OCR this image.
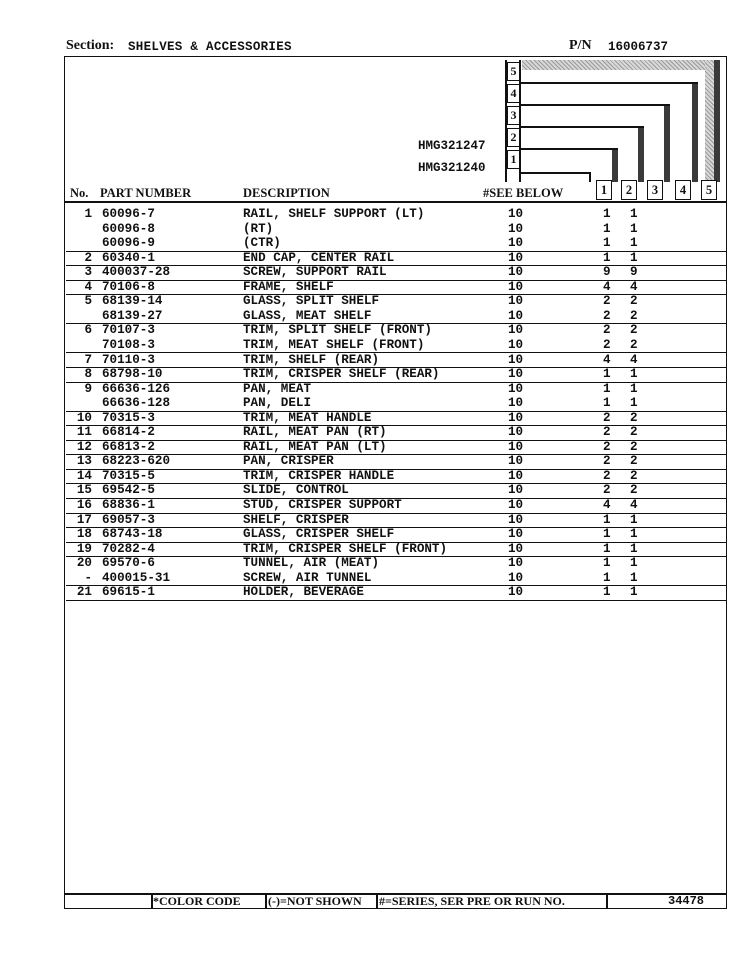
Section: SHELVES & ACCESSORIES	P/N 16006737
5
4
3
2
1
HMG321247
HMG321240
No. PART NUMBER	DESCRIPTION	#SEE BELOW	1	2	3	4	5
1 60096-7	RAIL, SHELF SUPPORT (LT)	10	1 1
60096-8	(RT)	10	1 1
60096-9	(CTR)	10	1 1
2 60340-1	END CAP, CENTER RAIL	10	1 1
3 400037-28	SCREW, SUPPORT RAIL	10	9 9
4 70106-8	FRAME, SHELF	10	4 4
5 68139-14	GLASS, SPLIT SHELF	10	2 2
68139-27	GLASS, MEAT SHELF	10	2 2
6 70107-3	TRIM, SPLIT SHELF (FRONT)	10	2 2
70108-3	TRIM, MEAT SHELF (FRONT)	10	2 2
7 70110-3	TRIM, SHELF (REAR)	10	4 4
8 68798-10	TRIM, CRISPER SHELF (REAR)	10	1 1
9 66636-126	PAN, MEAT	10	1 1
66636-128	PAN, DELI	10	1 1
10 70315-3	TRIM, MEAT HANDLE	10	2 2
11 66814-2	RAIL, MEAT PAN (RT)	10	2 2
12 66813-2	RAIL, MEAT PAN (LT)	10	2 2
13 68223-620	PAN, CRISPER	10	2 2
14 70315-5	TRIM, CRISPER HANDLE	10	2 2
15 69542-5	SLIDE, CONTROL	10	2 2
16 68836-1	STUD, CRISPER SUPPORT	10	4 4
17 69057-3	SHELF, CRISPER	10	1 1
18 68743-18	GLASS, CRISPER SHELF	10	1 1
19 70282-4	TRIM, CRISPER SHELF (FRONT)	10	1 1
20 69570-6	TUNNEL, AIR (MEAT)	10	1 1
- 400015-31	SCREW, AIR TUNNEL	10	1 1
21 69615-1	HOLDER, BEVERAGE	10	1 1
*COLOR CODE (-)=NOT SHOWN #=SERIES, SER PRE OR RUN NO.	34478
